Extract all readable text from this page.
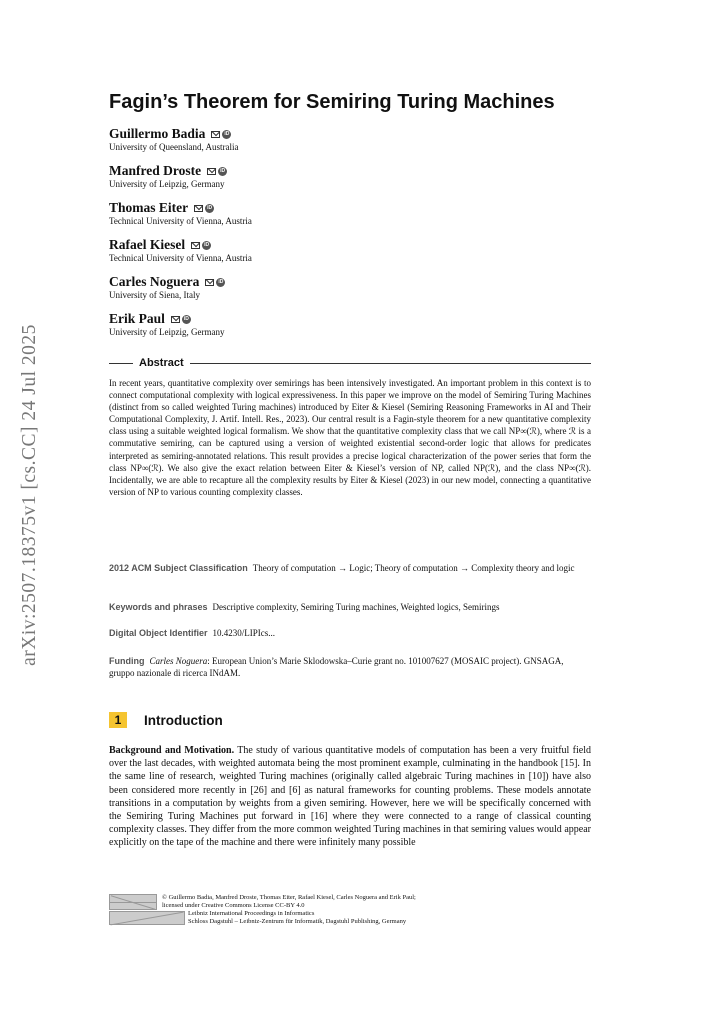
arXiv:2507.18375v1 [cs.CC] 24 Jul 2025
Fagin’s Theorem for Semiring Turing Machines
Guillermo Badia	iD
University of Queensland, Australia
Manfred Droste	iD
University of Leipzig, Germany
Thomas Eiter	iD
Technical University of Vienna, Austria
Rafael Kiesel	iD
Technical University of Vienna, Austria
Carles Noguera	iD
University of Siena, Italy
Erik Paul	iD
University of Leipzig, Germany
Abstract

In recent years, quantitative complexity over semirings has been intensively investigated. An important problem in this context is to connect computational complexity with logical expressiveness. In this paper we improve on the model of Semiring Turing Machines (distinct from so called weighted Turing machines) introduced by Eiter & Kiesel (Semiring Reasoning Frameworks in AI and Their Computational Complexity, J. Artif. Intell. Res., 2023). Our central result is a Fagin-style theorem for a new quantitative complexity class using a suitable weighted logical formalism. We show that the quantitative complexity class that we call NP∞(ℛ), where ℛ is a commutative semiring, can be captured using a version of weighted existential second-order logic that allows for predicates interpreted as semiring-annotated relations. This result provides a precise logical characterization of the power series that form the class NP∞(ℛ). We also give the exact relation between Eiter & Kiesel’s version of NP, called NP(ℛ), and the class NP∞(ℛ). Incidentally, we are able to recapture all the complexity results by Eiter & Kiesel (2023) in our new model, connecting a quantitative version of NP to various counting complexity classes.

2012 ACM Subject Classification Theory of computation → Logic; Theory of computation → Complexity theory and logic

Keywords and phrases Descriptive complexity, Semiring Turing machines, Weighted logics, Semirings

Digital Object Identifier 10.4230/LIPIcs...

Funding Carles Noguera: European Union’s Marie Sklodowska–Curie grant no. 101007627 (MOSAIC project). GNSAGA, gruppo nazionale di ricerca INdAM.

1	Introduction

Background and Motivation. The study of various quantitative models of computation has been a very fruitful field over the last decades, with weighted automata being the most prominent example, culminating in the handbook [15]. In the same line of research, weighted Turing machines (originally called algebraic Turing machines in [10]) have also been considered more recently in [26] and [6] as natural frameworks for counting problems. These models annotate transitions in a computation by weights from a given semiring. However, here we will be specifically concerned with the Semiring Turing Machines put forward in [16] where they were connected to a range of classical counting complexity classes. They differ from the more common weighted Turing machines in that semiring values would appear explicitly on the tape of the machine and there were infinitely many possible

© Guillermo Badia, Manfred Droste, Thomas Eiter, Rafael Kiesel, Carles Noguera and Erik Paul;
licensed under Creative Commons License CC-BY 4.0
Leibniz International Proceedings in Informatics
Schloss Dagstuhl – Leibniz-Zentrum für Informatik, Dagstuhl Publishing, Germany
